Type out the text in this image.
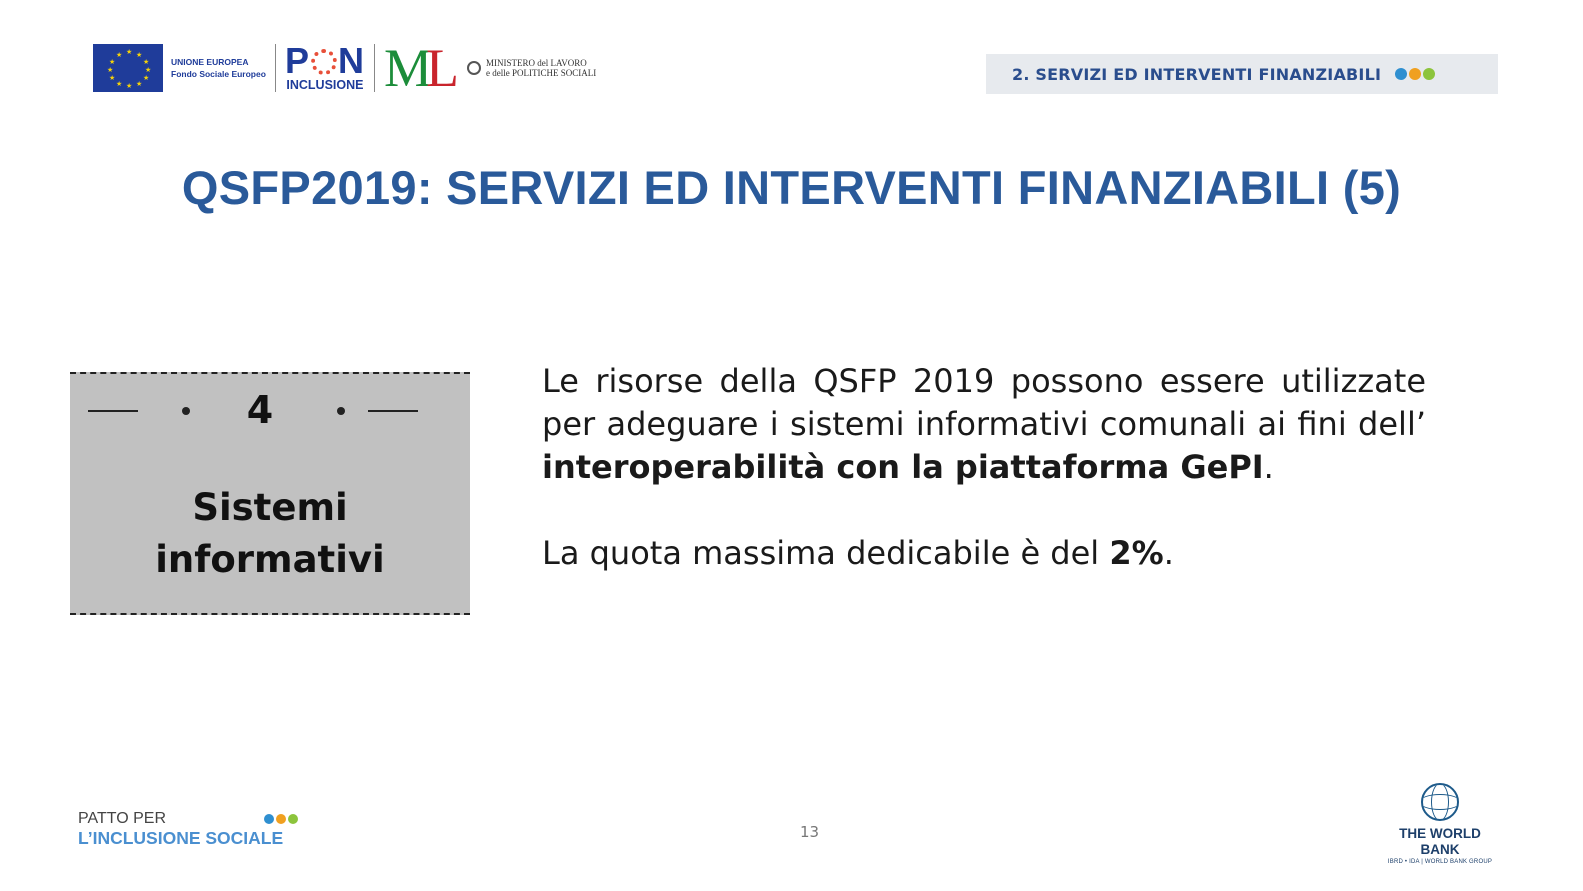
★ ★
★
★
★
★
★
★
★
★
★
★
UNIONE EUROPEA
Fondo Sociale Europeo P N
INCLUSIONE ML	MINISTERO del LAVORO
e delle POLITICHE SOCIALI	2. SERVIZI ED INTERVENTI FINANZIABILI
QSFP2019: SERVIZI ED INTERVENTI FINANZIABILI (5)
4
Sistemi
informativi

Le risorse della QSFP 2019 possono essere utilizzate per adeguare i sistemi informativi comunali ai fini dell’ interoperabilità con la piattaforma GePI.

La quota massima dedicabile è del 2%.

PATTO PER
L’INCLUSIONE SOCIALE	13	THE WORLD BANK
IBRD • IDA | WORLD BANK GROUP
